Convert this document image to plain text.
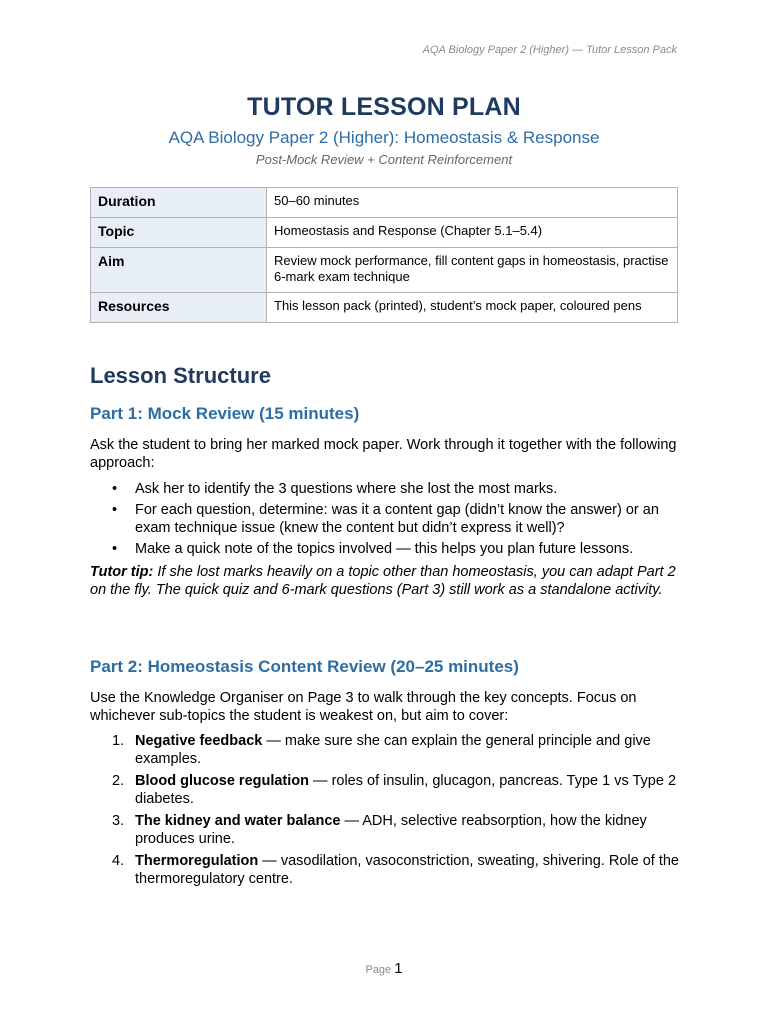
AQA Biology Paper 2 (Higher) — Tutor Lesson Pack
TUTOR LESSON PLAN
AQA Biology Paper 2 (Higher): Homeostasis & Response
Post-Mock Review + Content Reinforcement
Duration	50–60 minutes
Topic	Homeostasis and Response (Chapter 5.1–5.4)
Aim	Review mock performance, fill content gaps in homeostasis, practise 6-mark exam technique
Resources	This lesson pack (printed), student’s mock paper, coloured pens
Lesson Structure
Part 1: Mock Review (15 minutes)
Ask the student to bring her marked mock paper. Work through it together with the following approach:
• Ask her to identify the 3 questions where she lost the most marks.
• For each question, determine: was it a content gap (didn’t know the answer) or an exam technique issue (knew the content but didn’t express it well)?
• Make a quick note of the topics involved — this helps you plan future lessons.
Tutor tip: If she lost marks heavily on a topic other than homeostasis, you can adapt Part 2 on the fly. The quick quiz and 6-mark questions (Part 3) still work as a standalone activity.
Part 2: Homeostasis Content Review (20–25 minutes)
Use the Knowledge Organiser on Page 3 to walk through the key concepts. Focus on whichever sub-topics the student is weakest on, but aim to cover:
1. Negative feedback — make sure she can explain the general principle and give examples.
2. Blood glucose regulation — roles of insulin, glucagon, pancreas. Type 1 vs Type 2 diabetes.
3. The kidney and water balance — ADH, selective reabsorption, how the kidney produces urine.
4. Thermoregulation — vasodilation, vasoconstriction, sweating, shivering. Role of the thermoregulatory centre.
Page 1
